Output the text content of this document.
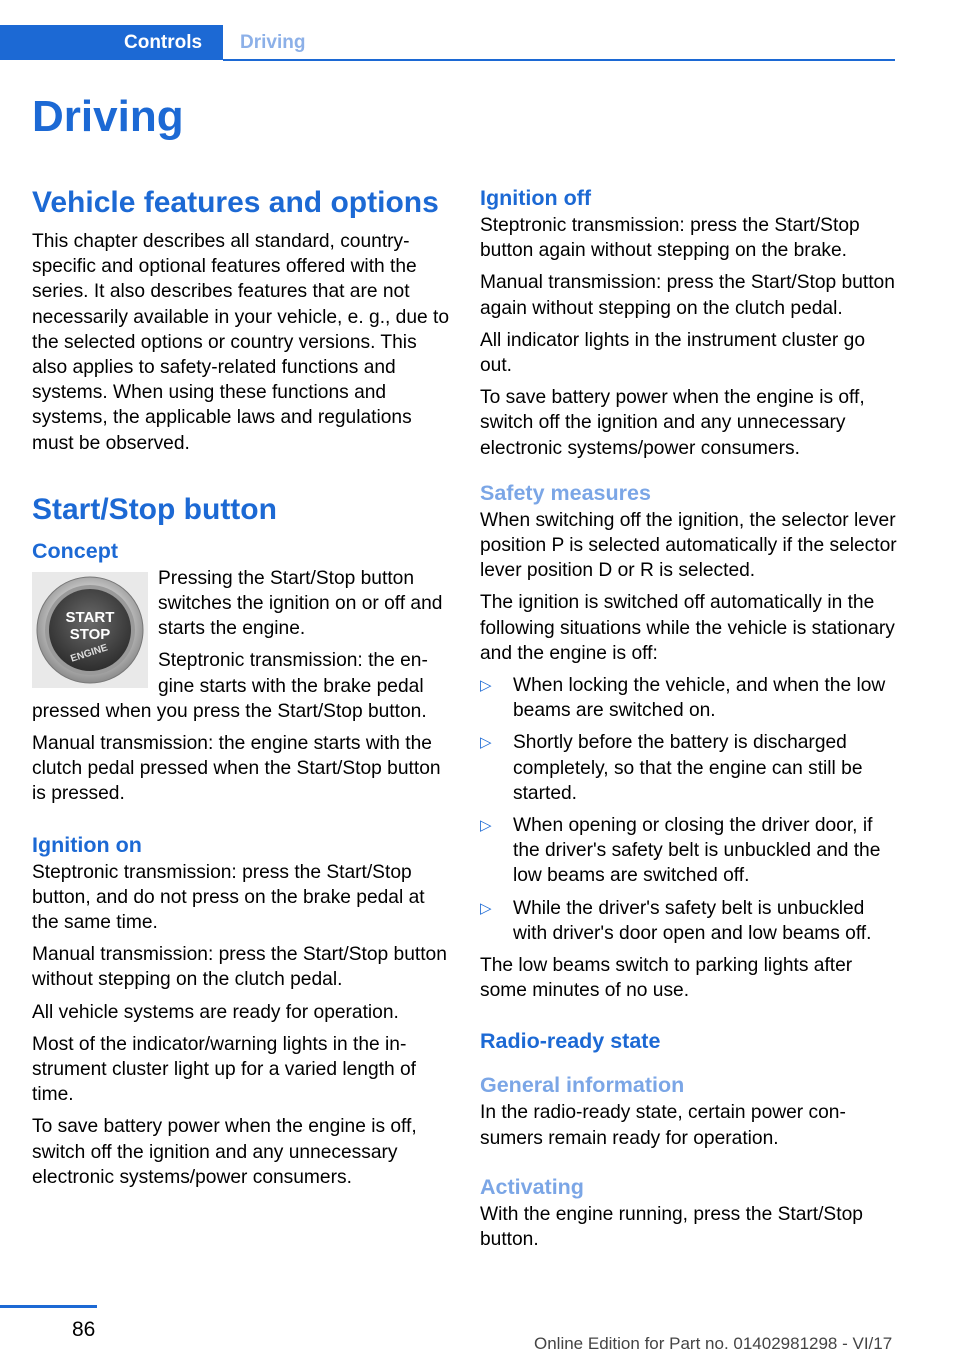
Controls	Driving
Driving
Vehicle features and options

This chapter describes all standard, country-specific and optional features offered with the series. It also describes features that are not necessarily available in your vehicle, e. g., due to the selected options or country versions. This also applies to safety-related functions and systems. When using these functions and systems, the applicable laws and regulations must be observed.

Start/Stop button
Concept
START
STOP
ENGINE

Pressing the Start/Stop button switches the ignition on or off and starts the engine.

Steptronic transmission: the engine starts with the brake pedal pressed when you press the Start/Stop button.

Manual transmission: the engine starts with the clutch pedal pressed when the Start/Stop button is pressed.

Ignition on

Steptronic transmission: press the Start/Stop button, and do not press on the brake pedal at the same time.

Manual transmission: press the Start/Stop button without stepping on the clutch pedal.

All vehicle systems are ready for operation.

Most of the indicator/warning lights in the instrument cluster light up for a varied length of time.

To save battery power when the engine is off, switch off the ignition and any unnecessary electronic systems/power consumers.

Ignition off

Steptronic transmission: press the Start/Stop button again without stepping on the brake.

Manual transmission: press the Start/Stop button again without stepping on the clutch pedal.

All indicator lights in the instrument cluster go out.

To save battery power when the engine is off, switch off the ignition and any unnecessary electronic systems/power consumers.

Safety measures

When switching off the ignition, the selector lever position P is selected automatically if the selector lever position D or R is selected.

The ignition is switched off automatically in the following situations while the vehicle is stationary and the engine is off:

▷ When locking the vehicle, and when the low beams are switched on.
▷ Shortly before the battery is discharged completely, so that the engine can still be started.
▷ When opening or closing the driver door, if the driver's safety belt is unbuckled and the low beams are switched off.
▷ While the driver's safety belt is unbuckled with driver's door open and low beams off.

The low beams switch to parking lights after some minutes of no use.

Radio-ready state
General information

In the radio-ready state, certain power consumers remain ready for operation.

Activating

With the engine running, press the Start/Stop button.

86
Online Edition for Part no. 01402981298 - VI/17
